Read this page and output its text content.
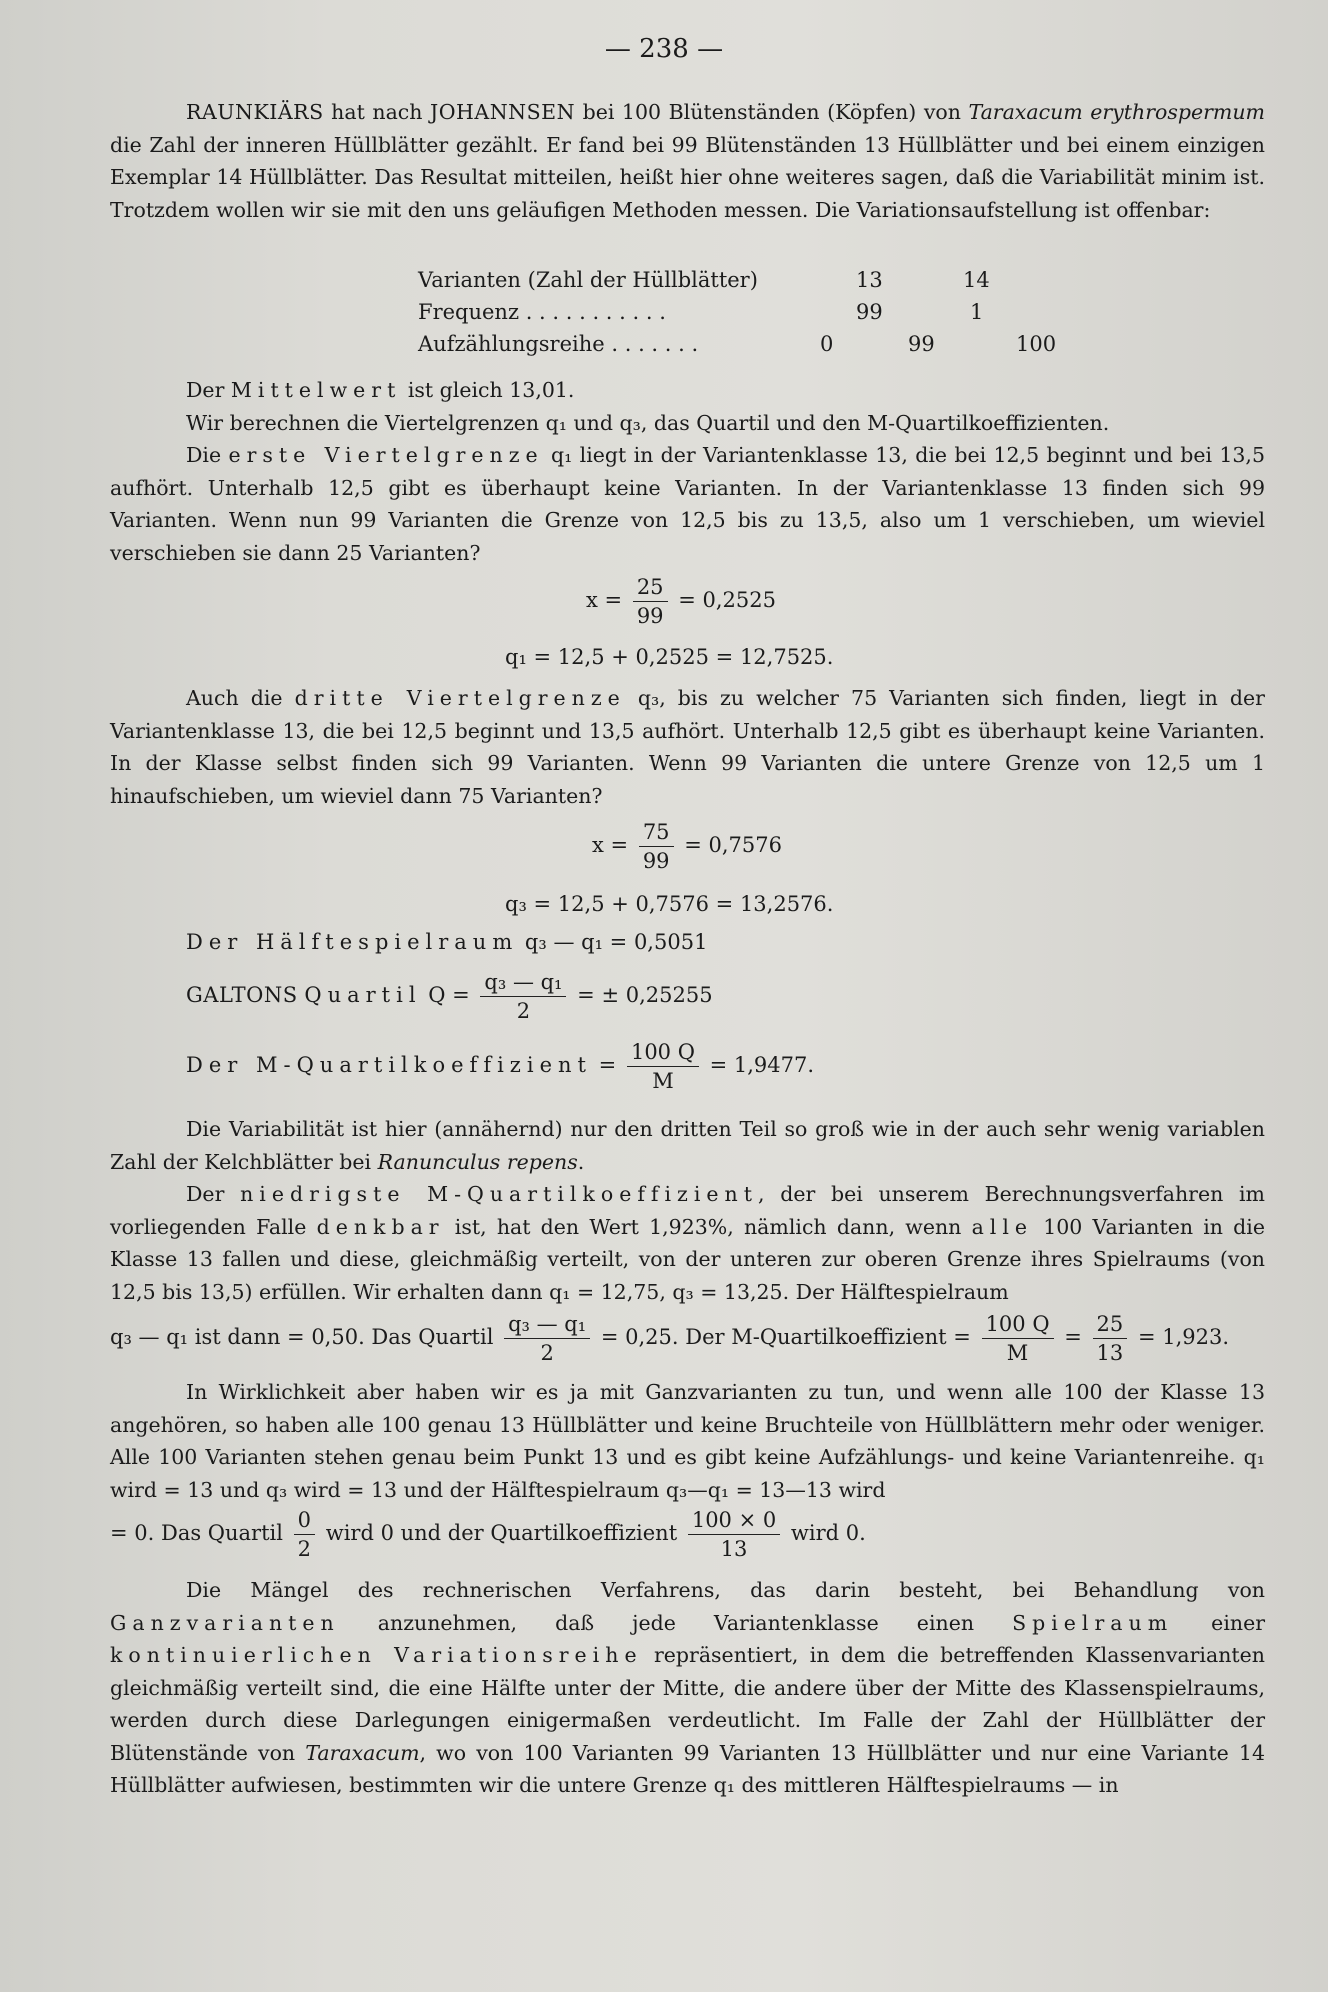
— 238 —

RAUNKIÄRS hat nach JOHANNSEN bei 100 Blütenständen (Köpfen) von Taraxacum erythrospermum die Zahl der inneren Hüllblätter gezählt. Er fand bei 99 Blütenständen 13 Hüllblätter und bei einem einzigen Exemplar 14 Hüllblätter. Das Resultat mitteilen, heißt hier ohne weiteres sagen, daß die Variabilität minim ist. Trotzdem wollen wir sie mit den uns geläufigen Methoden messen. Die Variationsaufstellung ist offenbar:

Varianten (Zahl der Hüllblätter)	13	14
Frequenz . . . . . . . . . . .	99	1
Aufzählungsreihe . . . . . . .	0	99	100

Der Mittelwert ist gleich 13,01.

Wir berechnen die Viertelgrenzen q₁ und q₃, das Quartil und den M-Quartilkoeffizienten.

Die erste Viertelgrenze q₁ liegt in der Variantenklasse 13, die bei 12,5 beginnt und bei 13,5 aufhört. Unterhalb 12,5 gibt es überhaupt keine Varianten. In der Variantenklasse 13 finden sich 99 Varianten. Wenn nun 99 Varianten die Grenze von 12,5 bis zu 13,5, also um 1 verschieben, um wieviel verschieben sie dann 25 Varianten?

$x = \frac{25}{99} = 0,2525$
q₁ = 12,5 + 0,2525 = 12,7525.

Auch die dritte Viertelgrenze q₃, bis zu welcher 75 Varianten sich finden, liegt in der Variantenklasse 13, die bei 12,5 beginnt und 13,5 aufhört. Unterhalb 12,5 gibt es überhaupt keine Varianten. In der Klasse selbst finden sich 99 Varianten. Wenn 99 Varianten die untere Grenze von 12,5 um 1 hinaufschieben, um wieviel dann 75 Varianten?

$x = \frac{75}{99} = 0,7576$
q₃ = 12,5 + 0,7576 = 13,2576.
Der Hälftespielraum q₃ — q₁ = 0,5051
GALTONS Quartil $Q = \frac{\text{q₃ — q₁}}{2}$ = ± 0,25255
Der M-Quartilkoeffizient = $\frac{100 Q}{M} = 1,9477$.

Die Variabilität ist hier (annähernd) nur den dritten Teil so groß wie in der auch sehr wenig variablen Zahl der Kelchblätter bei Ranunculus repens.

Der niedrigste M-Quartilkoeffizient, der bei unserem Berechnungsverfahren im vorliegenden Falle denkbar ist, hat den Wert 1,923%, nämlich dann, wenn alle 100 Varianten in die Klasse 13 fallen und diese, gleichmäßig verteilt, von der unteren zur oberen Grenze ihres Spielraums (von 12,5 bis 13,5) erfüllen. Wir erhalten dann q₁ = 12,75, q₃ = 13,25. Der Hälftespielraum

q₃ — q₁ ist dann = 0,50. Das Quartil $\frac{\text{q₃ — q₁}}{2} = 0,25$. Der M-Quartilkoeffizient = $\frac{100 Q}{M} = \frac{25}{13} = 1,923$.

In Wirklichkeit aber haben wir es ja mit Ganzvarianten zu tun, und wenn alle 100 der Klasse 13 angehören, so haben alle 100 genau 13 Hüllblätter und keine Bruchteile von Hüllblättern mehr oder weniger. Alle 100 Varianten stehen genau beim Punkt 13 und es gibt keine Aufzählungs- und keine Variantenreihe. q₁ wird = 13 und q₃ wird = 13 und der Hälftespielraum q₃—q₁ = 13—13 wird

= 0. Das Quartil $\frac{0}{2}$ wird 0 und der Quartilkoeffizient $\frac{100 \times 0}{13}$ wird 0.

Die Mängel des rechnerischen Verfahrens, das darin besteht, bei Behandlung von Ganzvarianten anzunehmen, daß jede Variantenklasse einen Spielraum einer kontinuierlichen Variationsreihe repräsentiert, in dem die betreffenden Klassenvarianten gleichmäßig verteilt sind, die eine Hälfte unter der Mitte, die andere über der Mitte des Klassenspielraums, werden durch diese Darlegungen einigermaßen verdeutlicht. Im Falle der Zahl der Hüllblätter der Blütenstände von Taraxacum, wo von 100 Varianten 99 Varianten 13 Hüllblätter und nur eine Variante 14 Hüllblätter aufwiesen, bestimmten wir die untere Grenze q₁ des mittleren Hälftespielraums — in
